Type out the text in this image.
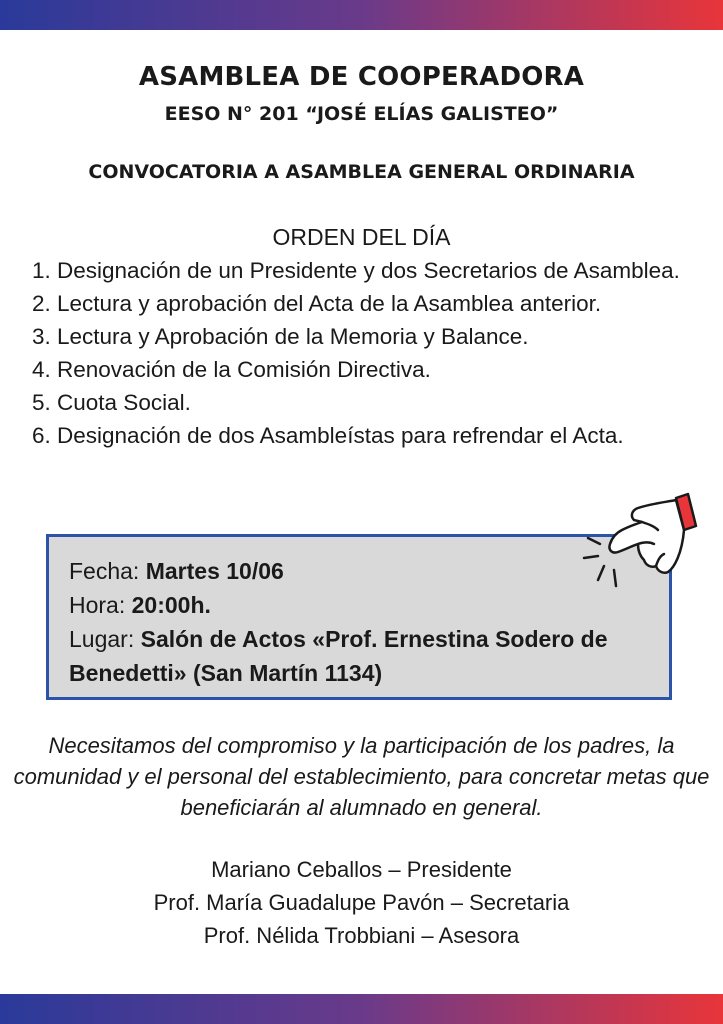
ASAMBLEA DE COOPERADORA
EESO N° 201 “JOSÉ ELÍAS GALISTEO”
CONVOCATORIA A ASAMBLEA GENERAL ORDINARIA
ORDEN DEL DÍA
1. Designación de un Presidente y dos Secretarios de Asamblea.
2. Lectura y aprobación del Acta de la Asamblea anterior.
3. Lectura y Aprobación de la Memoria y Balance.
4. Renovación de la Comisión Directiva.
5. Cuota Social.
6. Designación de dos Asambleístas para refrendar el Acta.
Fecha: Martes 10/06
Hora: 20:00h.
Lugar: Salón de Actos «Prof. Ernestina Sodero de Benedetti» (San Martín 1134)
Necesitamos del compromiso y la participación de los padres, la comunidad y el personal del establecimiento, para concretar metas que beneficiarán al alumnado en general.
Mariano Ceballos – Presidente
Prof. María Guadalupe Pavón – Secretaria
Prof. Nélida Trobbiani – Asesora
